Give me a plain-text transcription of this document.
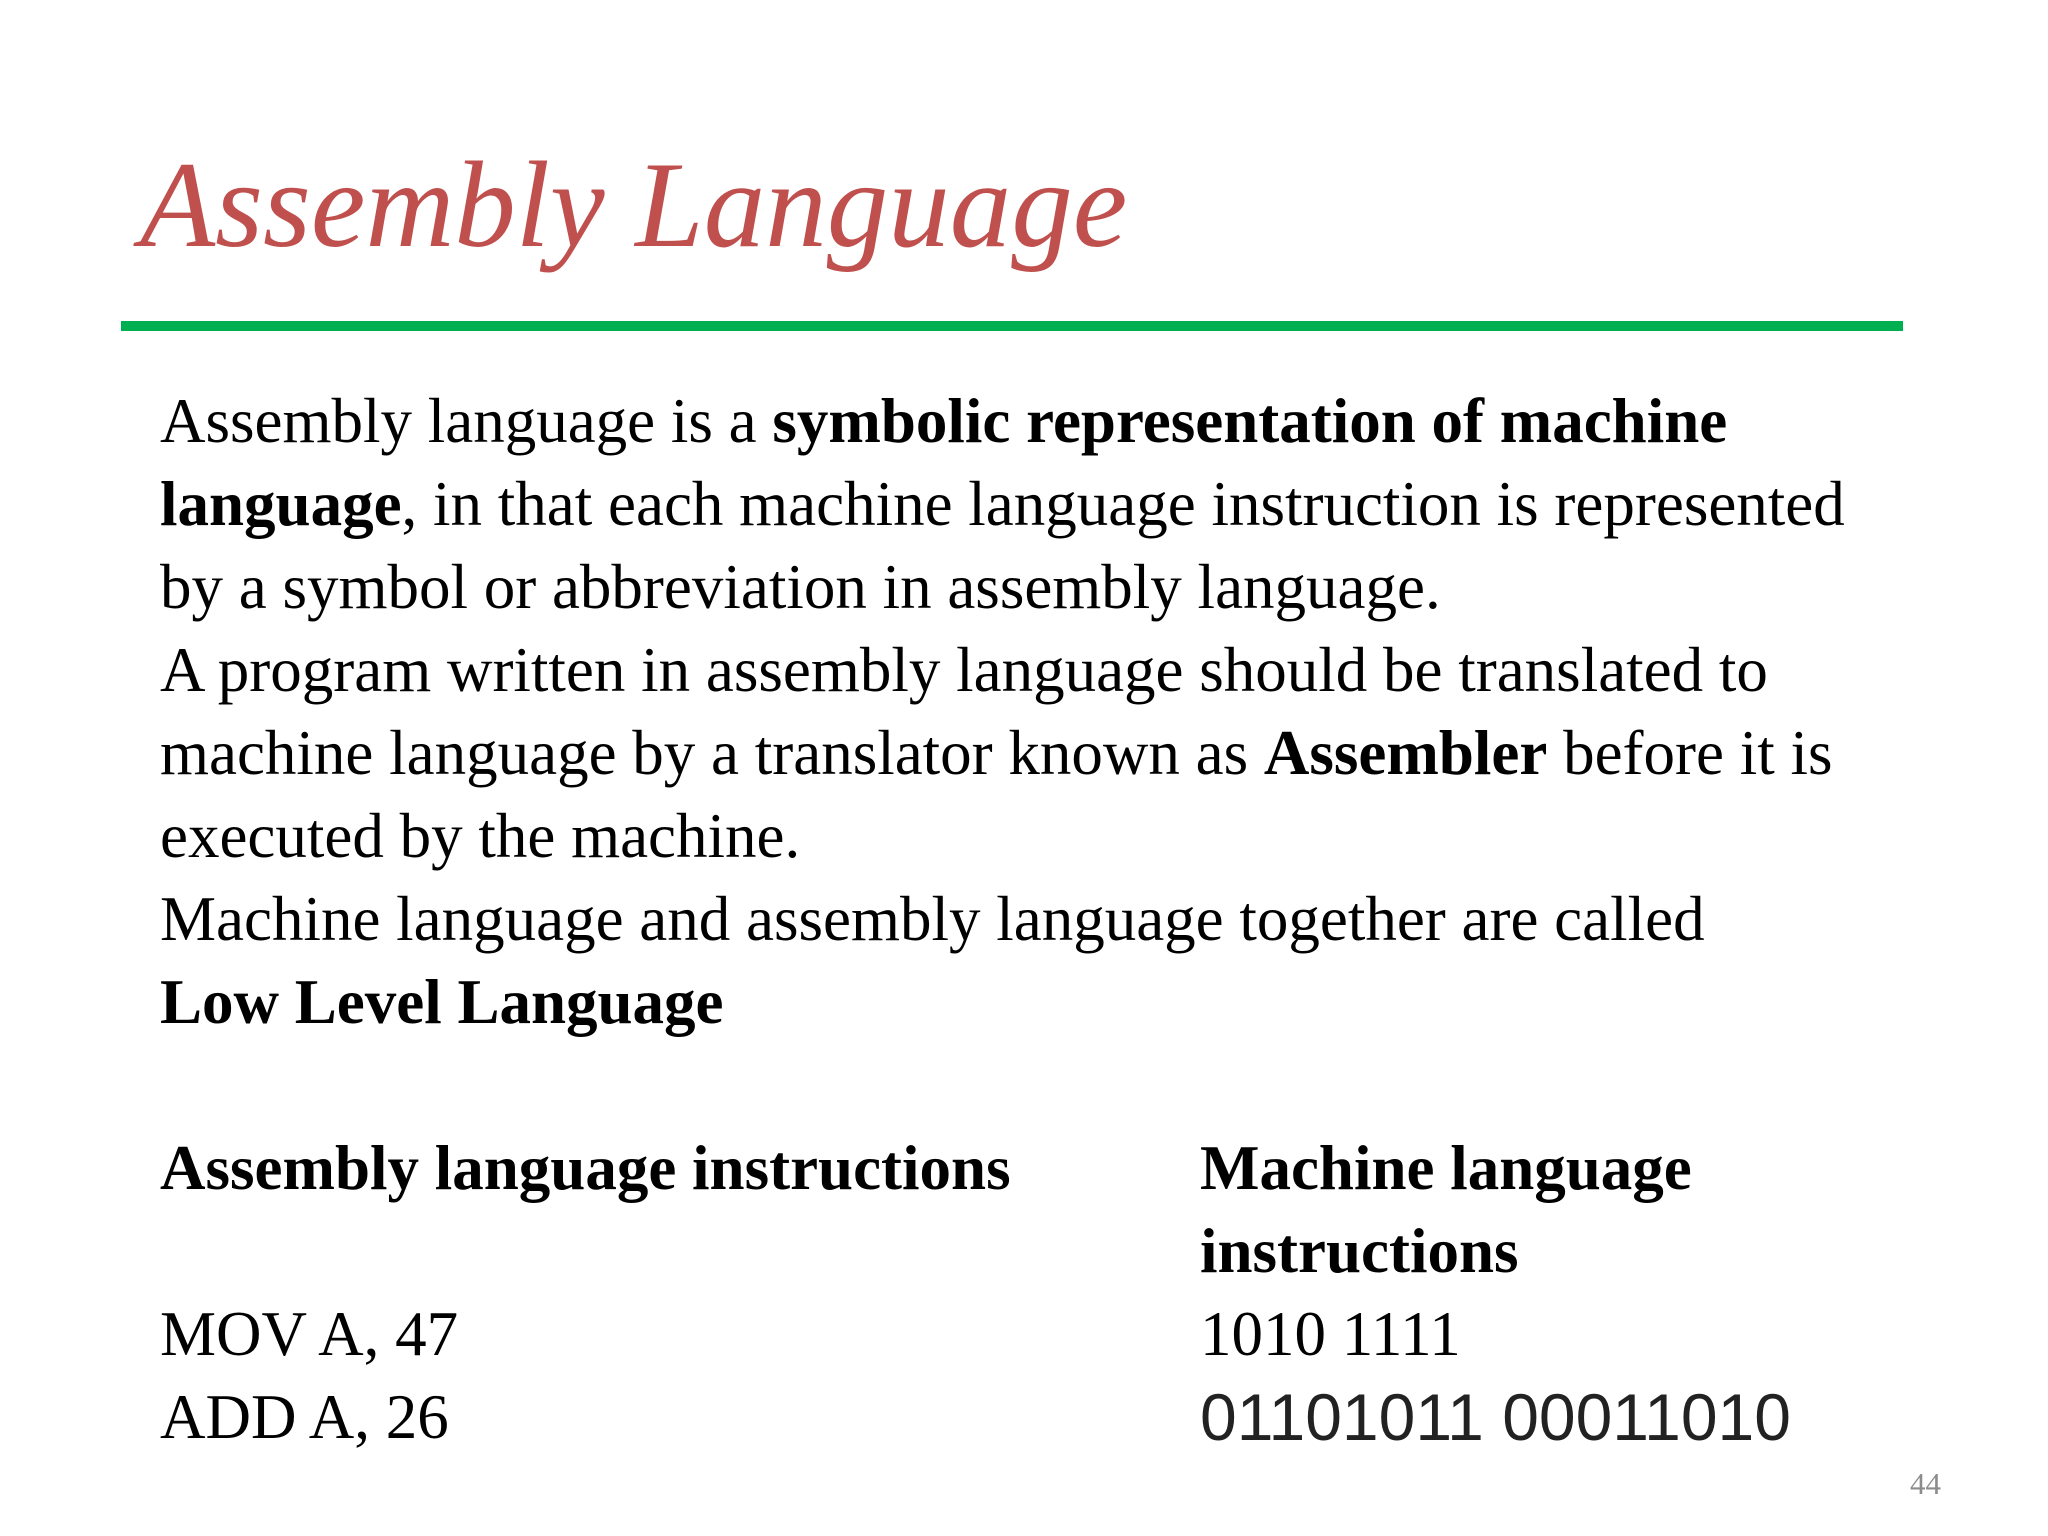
Assembly Language

Assembly language is a symbolic representation of machine language, in that each machine language instruction is represented by a symbol or abbreviation in assembly language.

A program written in assembly language should be translated to machine language by a translator known as Assembler before it is executed by the machine.

Machine language and assembly language together are called
Low Level Language

Assembly language instructions	Machine language instructions
MOV A, 47	1010 1111
ADD A, 26	01101011 00011010
44
